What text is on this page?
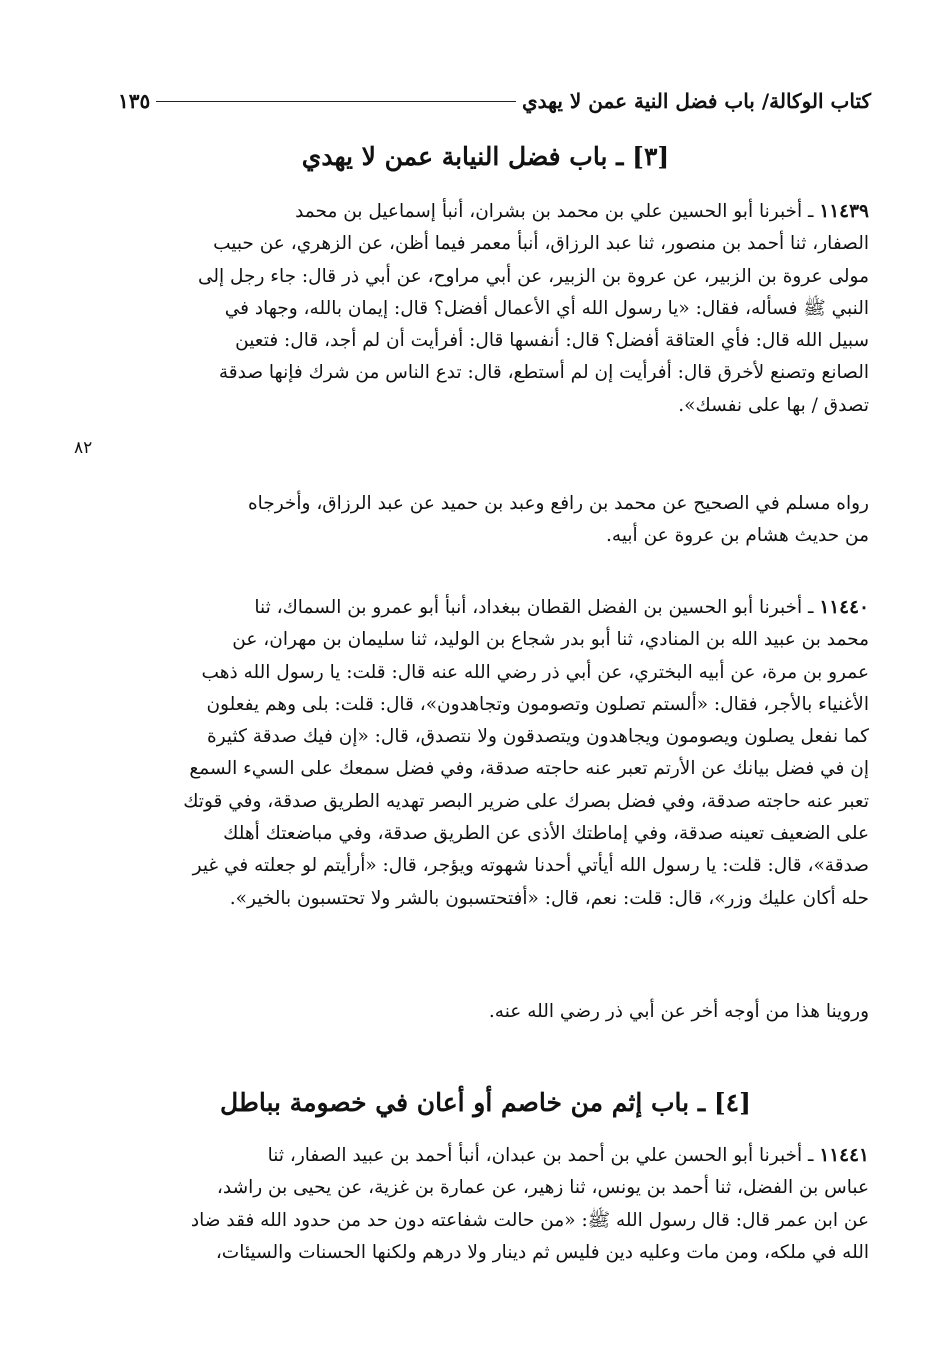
كتاب الوكالة/ باب فضل النية عمن لا يهدي
١٣٥
[٣] ـ باب فضل النيابة عمن لا يهدي
١١٤٣٩ ـ أخبرنا أبو الحسين علي بن محمد بن بشران، أنبأ إسماعيل بن محمد
الصفار، ثنا أحمد بن منصور، ثنا عبد الرزاق، أنبأ معمر فيما أظن، عن الزهري، عن حبيب
مولى عروة بن الزبير، عن عروة بن الزبير، عن أبي مراوح، عن أبي ذر قال: جاء رجل إلى
النبي ﷺ فسأله، فقال: «يا رسول الله أي الأعمال أفضل؟ قال: إيمان بالله، وجهاد في
سبيل الله قال: فأي العتاقة أفضل؟ قال: أنفسها قال: أفرأيت أن لم أجد، قال: فتعين
الصانع وتصنع لأخرق قال: أفرأيت إن لم أستطع، قال: تدع الناس من شرك فإنها صدقة
تصدق / بها على نفسك».
٨٢
رواه مسلم في الصحيح عن محمد بن رافع وعبد بن حميد عن عبد الرزاق، وأخرجاه
من حديث هشام بن عروة عن أبيه.
١١٤٤٠ ـ أخبرنا أبو الحسين بن الفضل القطان ببغداد، أنبأ أبو عمرو بن السماك، ثنا
محمد بن عبيد الله بن المنادي، ثنا أبو بدر شجاع بن الوليد، ثنا سليمان بن مهران، عن
عمرو بن مرة، عن أبيه البختري، عن أبي ذر رضي الله عنه قال: قلت: يا رسول الله ذهب
الأغنياء بالأجر، فقال: «ألستم تصلون وتصومون وتجاهدون»، قال: قلت: بلى وهم يفعلون
كما نفعل يصلون ويصومون ويجاهدون ويتصدقون ولا نتصدق، قال: «إن فيك صدقة كثيرة
إن في فضل بيانك عن الأرتم تعبر عنه حاجته صدقة، وفي فضل سمعك على السيء السمع
تعبر عنه حاجته صدقة، وفي فضل بصرك على ضرير البصر تهديه الطريق صدقة، وفي قوتك
على الضعيف تعينه صدقة، وفي إماطتك الأذى عن الطريق صدقة، وفي مباضعتك أهلك
صدقة»، قال: قلت: يا رسول الله أيأتي أحدنا شهوته ويؤجر، قال: «أرأيتم لو جعلته في غير
حله أكان عليك وزر»، قال: قلت: نعم، قال: «أفتحتسبون بالشر ولا تحتسبون بالخير».
وروينا هذا من أوجه أخر عن أبي ذر رضي الله عنه.
[٤] ـ باب إثم من خاصم أو أعان في خصومة بباطل
١١٤٤١ ـ أخبرنا أبو الحسن علي بن أحمد بن عبدان، أنبأ أحمد بن عبيد الصفار، ثنا
عباس بن الفضل، ثنا أحمد بن يونس، ثنا زهير، عن عمارة بن غزية، عن يحيى بن راشد،
عن ابن عمر قال: قال رسول الله ﷺ: «من حالت شفاعته دون حد من حدود الله فقد ضاد
الله في ملكه، ومن مات وعليه دين فليس ثم دينار ولا درهم ولكنها الحسنات والسيئات،
